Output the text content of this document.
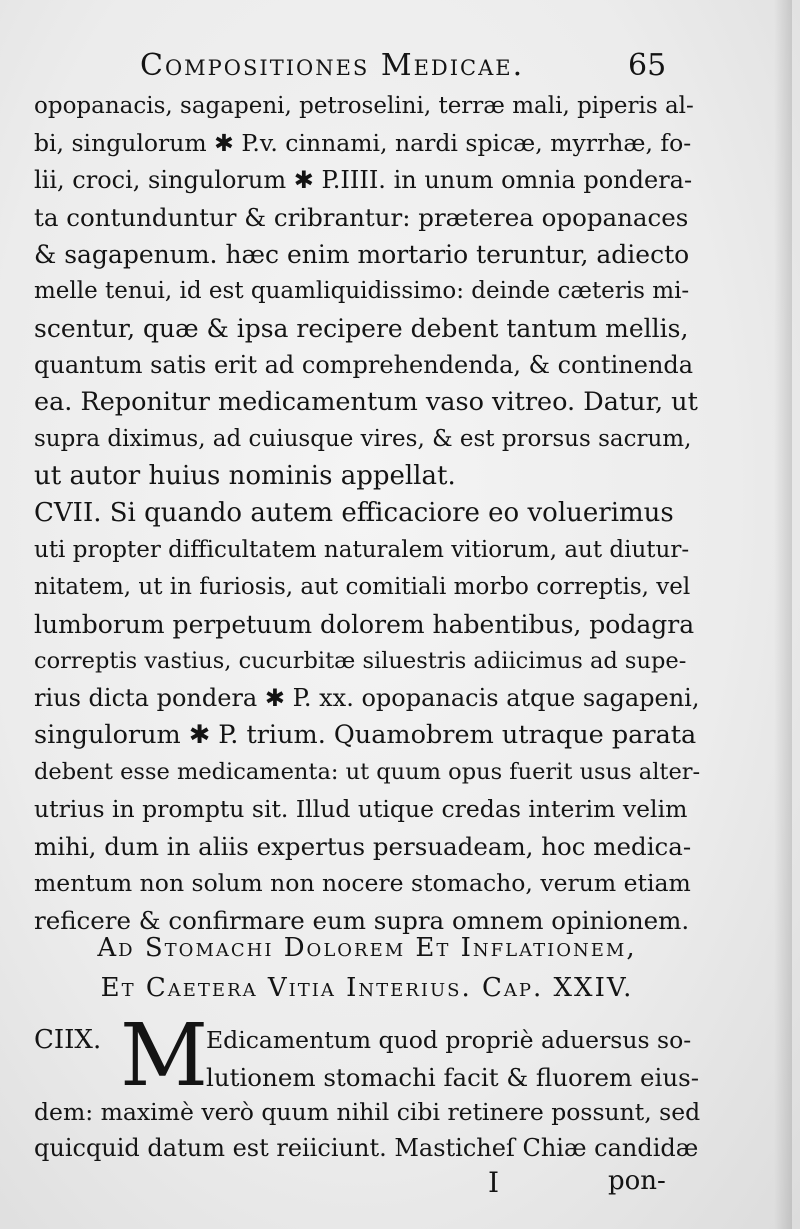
Compositiones Medicae.	65
opopanacis, sagapeni, petroselini, terræ mali, piperis al-
bi, singulorum ✱ P.v. cinnami, nardi spicæ, myrrhæ, fo-
lii, croci, singulorum ✱ P.IIII. in unum omnia pondera-
ta contunduntur & cribrantur: præterea opopanaces
& sagapenum. hæc enim mortario teruntur, adiecto
melle tenui, id est quamliquidissimo: deinde cæteris mi-
scentur, quæ & ipsa recipere debent tantum mellis,
quantum satis erit ad comprehendenda, & continenda
ea. Reponitur medicamentum vaso vitreo. Datur, ut
supra diximus, ad cuiusque vires, & est prorsus sacrum,
ut autor huius nominis appellat.
CVII. Si quando autem efficaciore eo voluerimus
uti propter difficultatem naturalem vitiorum, aut diutur-
nitatem, ut in furiosis, aut comitiali morbo correptis, vel
lumborum perpetuum dolorem habentibus, podagra
correptis vastius, cucurbitæ siluestris adiicimus ad supe-
rius dicta pondera ✱ P. xx. opopanacis atque sagapeni,
singulorum ✱ P. trium. Quamobrem utraque parata
debent esse medicamenta: ut quum opus fuerit usus alter-
utrius in promptu sit. Illud utique credas interim velim
mihi, dum in aliis expertus persuadeam, hoc medica-
mentum non solum non nocere stomacho, verum etiam
reficere & confirmare eum supra omnem opinionem.
Ad Stomachi Dolorem Et Inflationem,
Et Caetera Vitia Interius. Cap. XXIV.
CIIX. M
Edicamentum quod propriè aduersus so-
lutionem stomachi facit & fluorem eius-
dem: maximè verò quum nihil cibi retinere possunt, sed
quicquid datum est reiiciunt. Masticheſ Chiæ candidæ
I	pon-
